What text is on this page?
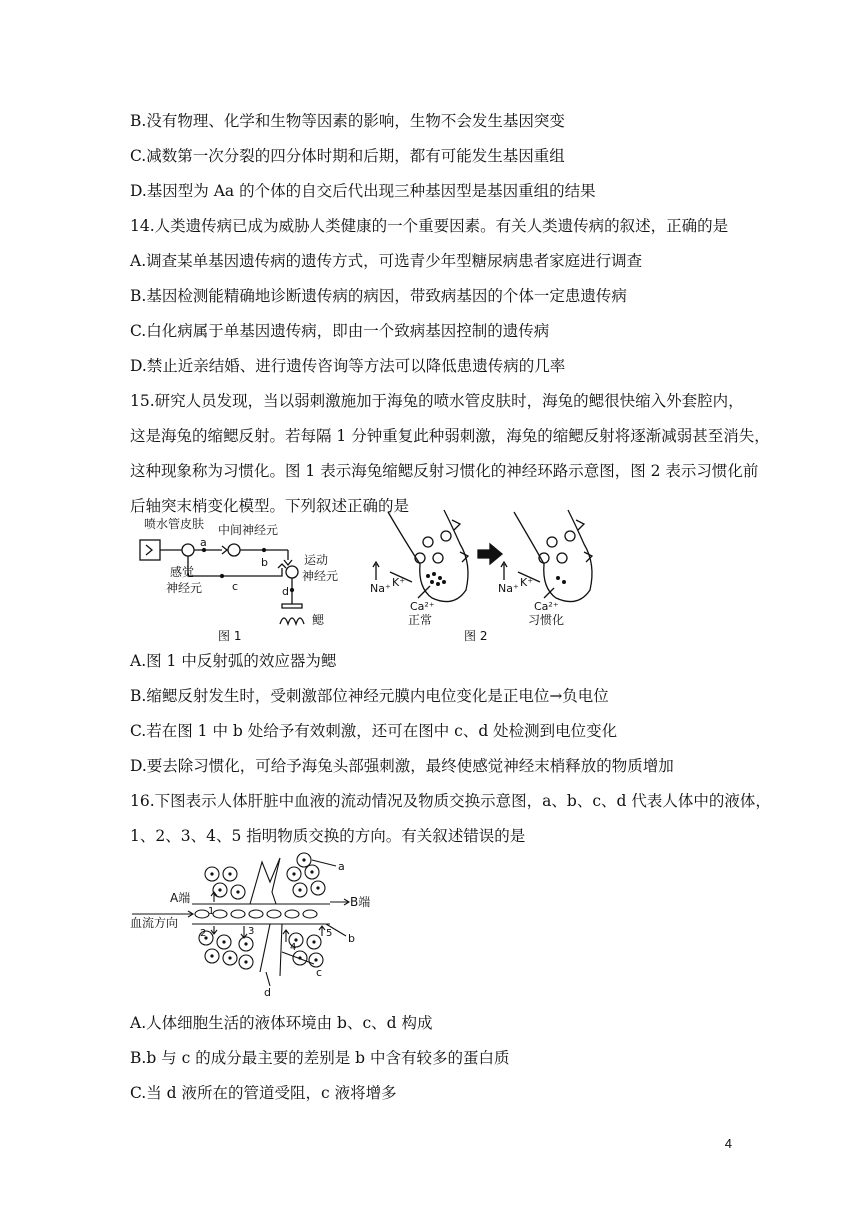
B.没有物理、化学和生物等因素的影响，生物不会发生基因突变
C.减数第一次分裂的四分体时期和后期，都有可能发生基因重组
D.基因型为 Aa 的个体的自交后代出现三种基因型是基因重组的结果
14.人类遗传病已成为威胁人类健康的一个重要因素。有关人类遗传病的叙述，正确的是
A.调查某单基因遗传病的遗传方式，可选青少年型糖尿病患者家庭进行调查
B.基因检测能精确地诊断遗传病的病因，带致病基因的个体一定患遗传病
C.白化病属于单基因遗传病，即由一个致病基因控制的遗传病
D.禁止近亲结婚、进行遗传咨询等方法可以降低患遗传病的几率
15.研究人员发现，当以弱刺激施加于海兔的喷水管皮肤时，海兔的鳃很快缩入外套腔内，
这是海兔的缩鳃反射。若每隔 1 分钟重复此种弱刺激，海兔的缩鳃反射将逐渐减弱甚至消失，
这种现象称为习惯化。图 1 表示海兔缩鳃反射习惯化的神经环路示意图，图 2 表示习惯化前
后轴突末梢变化模型。下列叙述正确的是
喷水管皮肤
a
中间神经元
b
c
运动
神经元
d
鳃
感觉
神经元
图 1
Na⁺ K⁺
Ca²⁺
正常
Na⁺ K⁺
Ca²⁺
习惯化
图 2
A.图 1 中反射弧的效应器为鳃
B.缩鳃反射发生时，受刺激部位神经元膜内电位变化是正电位→负电位
C.若在图 1 中 b 处给予有效刺激，还可在图中 c、d 处检测到电位变化
D.要去除习惯化，可给予海兔头部强刺激，最终使感觉神经末梢释放的物质增加
16.下图表示人体肝脏中血液的流动情况及物质交换示意图，a、b、c、d 代表人体中的液体，
1、2、3、4、5 指明物质交换的方向。有关叙述错误的是
A端
血流方向
B端
a
b
c
d
1
2	3
4
5
A.人体细胞生活的液体环境由 b、c、d 构成
B.b 与 c 的成分最主要的差别是 b 中含有较多的蛋白质
C.当 d 液所在的管道受阻，c 液将增多
4
